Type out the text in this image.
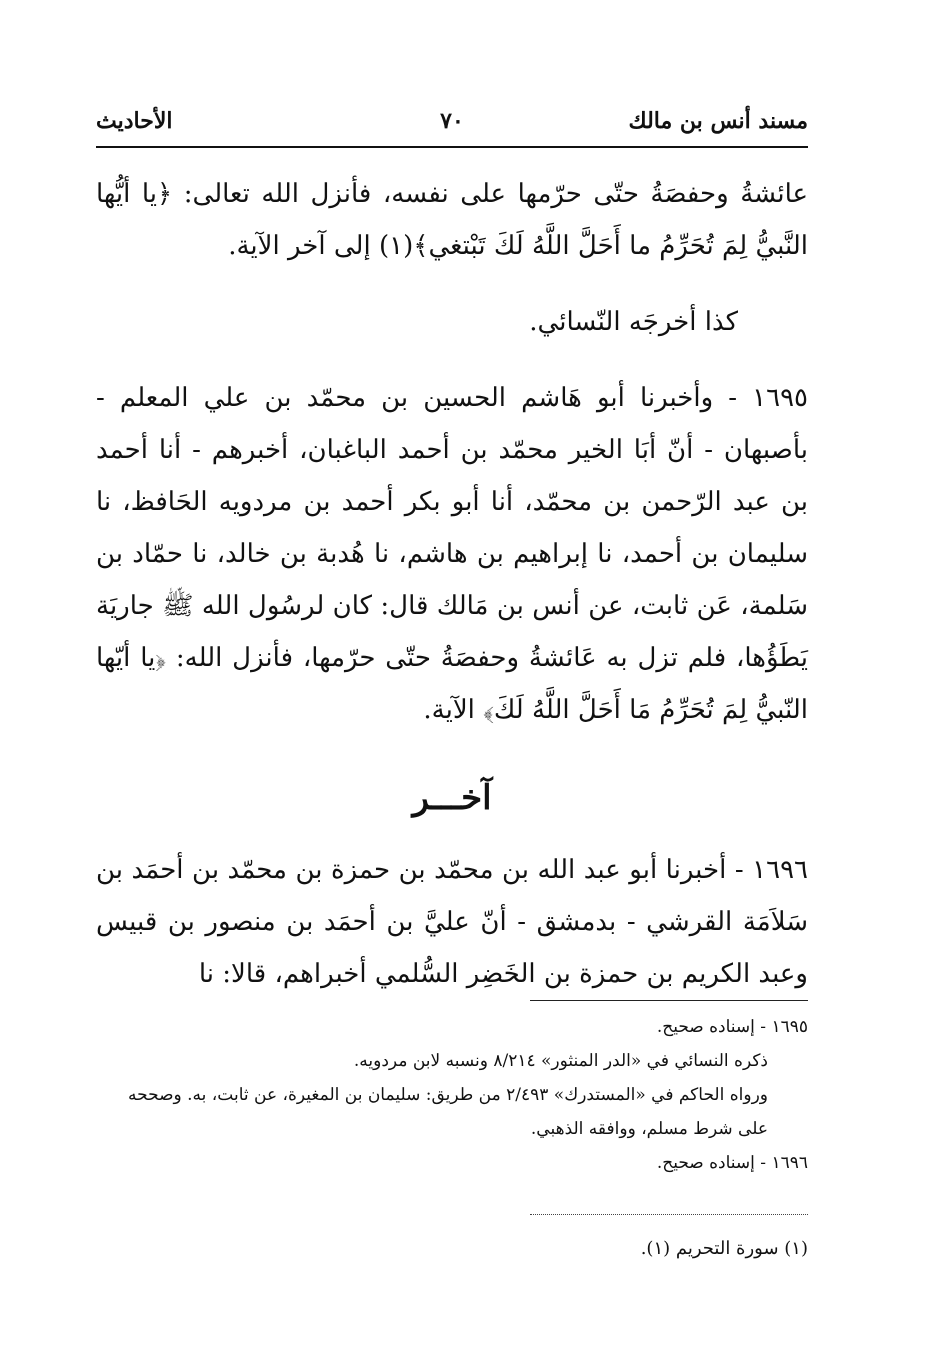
مسند أنس بن مالك
٧٠
الأحاديث

عائشةُ وحفصَةُ حتّى حرّمها على نفسه، فأنزل الله تعالى: ﴿يا أيُّها النَّبيُّ لِمَ تُحَرِّمُ ما أَحَلَّ اللَّهُ لَكَ تَبْتغي﴾(١) إلى آخر الآية.

كذا أخرجَه النّسائي.

١٦٩٥ - وأخبرنا أبو هَاشم الحسين بن محمّد بن علي المعلم - بأصبهان - أنّ أبَا الخير محمّد بن أحمد الباغبان، أخبرهم - أنا أحمد بن عبد الرّحمن بن محمّد، أنا أبو بكر أحمد بن مردويه الحَافظ، نا سليمان بن أحمد، نا إبراهيم بن هاشم، نا هُدبة بن خالد، نا حمّاد بن سَلمة، عَن ثابت، عن أنس بن مَالك قال: كان لرسُول الله ﷺ جاريَة يَطَؤُها، فلم تزل به عَائشةُ وحفصَةُ حتّى حرّمها، فأنزل الله: ﴿يا أيّها النّبيُّ لِمَ تُحَرِّمُ مَا أَحَلَّ اللَّهُ لَكَ﴾ الآية.

آخـــر

١٦٩٦ - أخبرنا أبو عبد الله بن محمّد بن حمزة بن محمّد بن أحمَد بن سَلاَمَة القرشي - بدمشق - أنّ عليَّ بن أحمَد بن منصور بن قبيس وعبد الكريم بن حمزة بن الخَضِر السُّلمي أخبراهم، قالا: نا

١٦٩٥ - إسناده صحيح.

ذكره النسائي في «الدر المنثور» ٨/٢١٤ ونسبه لابن مردويه.

ورواه الحاكم في «المستدرك» ٢/٤٩٣ من طريق: سليمان بن المغيرة، عن ثابت، به. وصححه على شرط مسلم، ووافقه الذهبي.

١٦٩٦ - إسناده صحيح.

(١) سورة التحريم (١).
